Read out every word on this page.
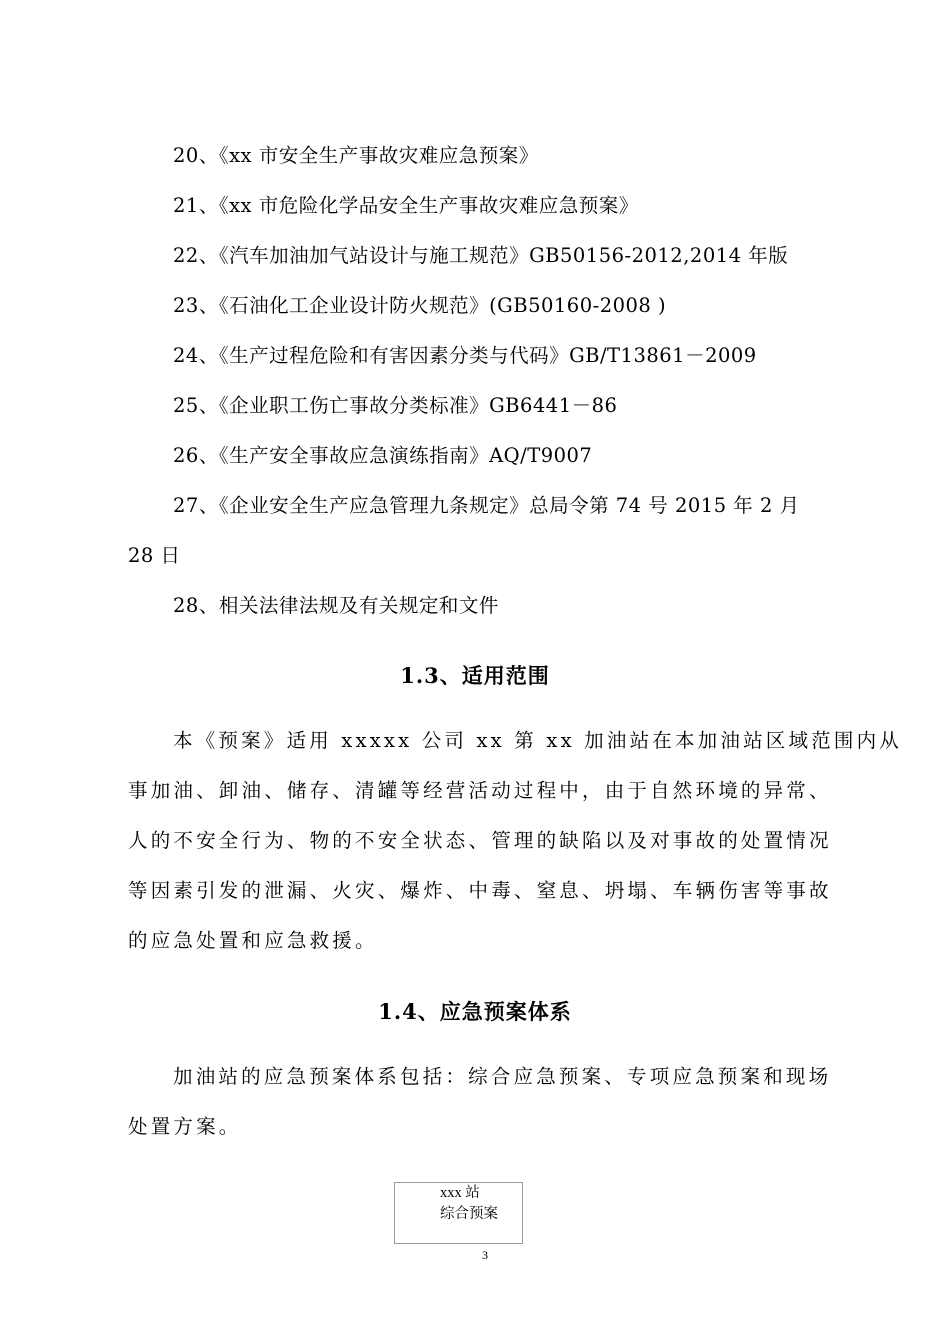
20、《xx 市安全生产事故灾难应急预案》
21、《xx 市危险化学品安全生产事故灾难应急预案》
22、《汽车加油加气站设计与施工规范》GB50156-2012,2014 年版
23、《石油化工企业设计防火规范》(GB50160-2008 )
24、《生产过程危险和有害因素分类与代码》GB/T13861－2009
25、《企业职工伤亡事故分类标准》GB6441－86
26、《生产安全事故应急演练指南》AQ/T9007
27、《企业安全生产应急管理九条规定》总局令第 74 号 2015 年 2 月
28 日
28、相关法律法规及有关规定和文件
1.3、适用范围
本《预案》适用 xxxxx 公司 xx 第 xx 加油站在本加油站区域范围内从
事加油、卸油、储存、清罐等经营活动过程中，由于自然环境的异常、
人的不安全行为、物的不安全状态、管理的缺陷以及对事故的处置情况
等因素引发的泄漏、火灾、爆炸、中毒、窒息、坍塌、车辆伤害等事故
的应急处置和应急救援。
1.4、应急预案体系
加油站的应急预案体系包括：综合应急预案、专项应急预案和现场
处置方案。
xxx 站
综合预案
3
